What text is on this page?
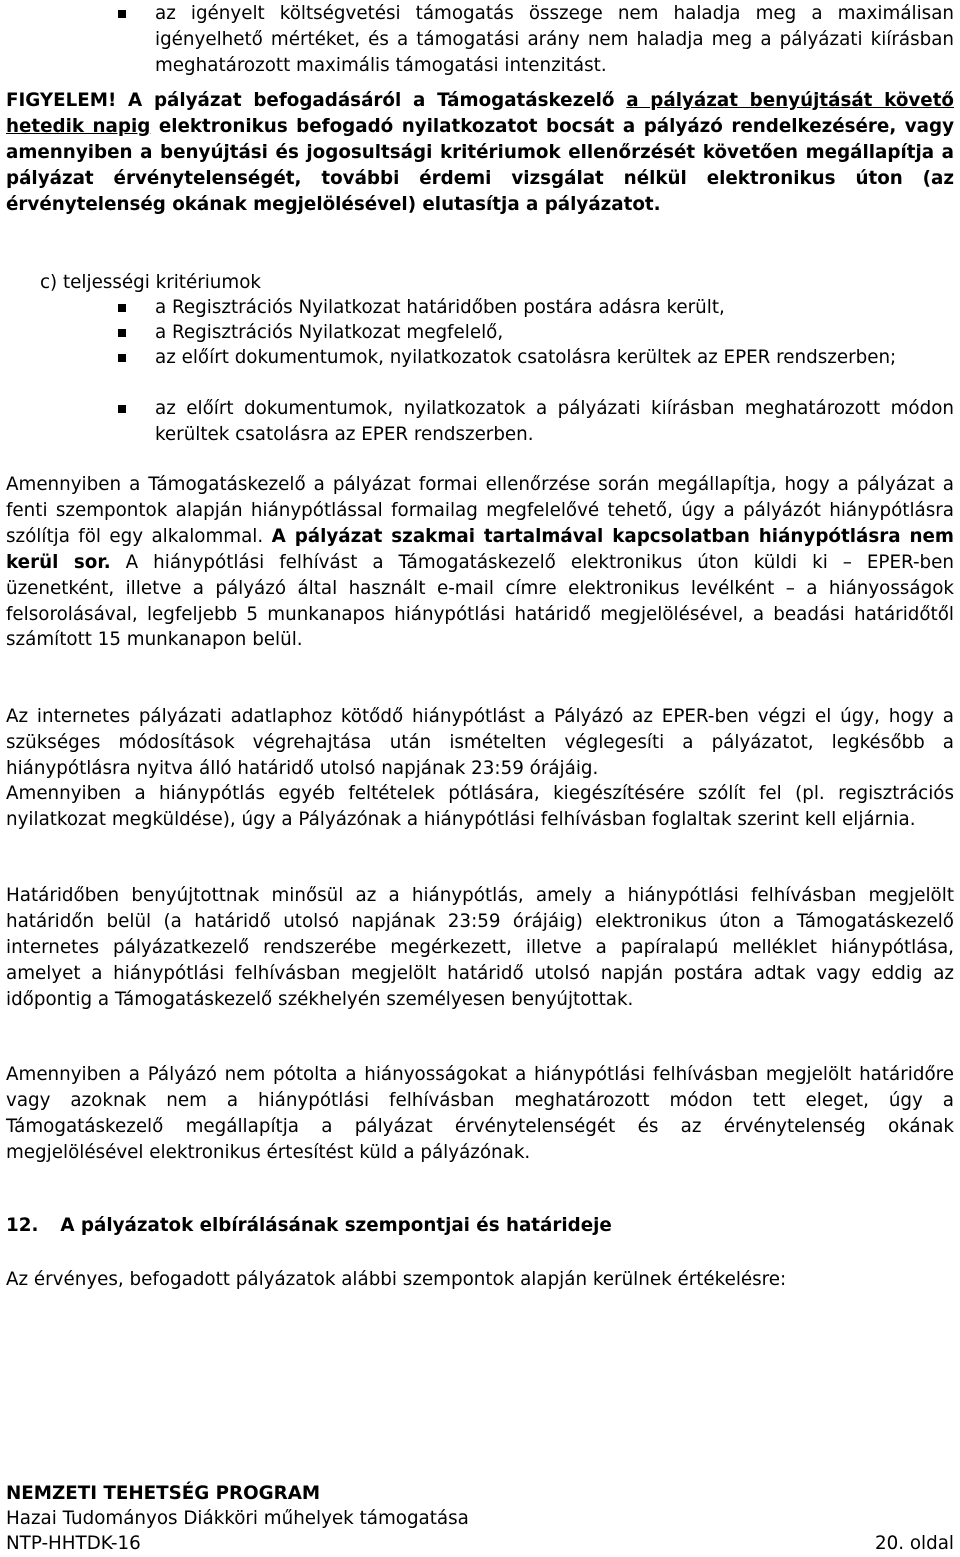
az igényelt költségvetési támogatás összege nem haladja meg a maximálisan igényelhető mértéket, és a támogatási arány nem haladja meg a pályázati kiírásban meghatározott maximális támogatási intenzitást.
FIGYELEM! A pályázat befogadásáról a Támogatáskezelő a pályázat benyújtását követő hetedik napig elektronikus befogadó nyilatkozatot bocsát a pályázó rendelkezésére, vagy amennyiben a benyújtási és jogosultsági kritériumok ellenőrzését követően megállapítja a pályázat érvénytelenségét, további érdemi vizsgálat nélkül elektronikus úton (az érvénytelenség okának megjelölésével) elutasítja a pályázatot.
c) teljességi kritériumok
a Regisztrációs Nyilatkozat határidőben postára adásra került,
a Regisztrációs Nyilatkozat megfelelő,
az előírt dokumentumok, nyilatkozatok csatolásra kerültek az EPER rendszerben;
az előírt dokumentumok, nyilatkozatok a pályázati kiírásban meghatározott módon kerültek csatolásra az EPER rendszerben.
Amennyiben a Támogatáskezelő a pályázat formai ellenőrzése során megállapítja, hogy a pályázat a fenti szempontok alapján hiánypótlással formailag megfelelővé tehető, úgy a pályázót hiánypótlásra szólítja föl egy alkalommal. A pályázat szakmai tartalmával kapcsolatban hiánypótlásra nem kerül sor. A hiánypótlási felhívást a Támogatáskezelő elektronikus úton küldi ki – EPER-ben üzenetként, illetve a pályázó által használt e-mail címre elektronikus levélként – a hiányosságok felsorolásával, legfeljebb 5 munkanapos hiánypótlási határidő megjelölésével, a beadási határidőtől számított 15 munkanapon belül.
Az internetes pályázati adatlaphoz kötődő hiánypótlást a Pályázó az EPER-ben végzi el úgy, hogy a szükséges módosítások végrehajtása után ismételten véglegesíti a pályázatot, legkésőbb a hiánypótlásra nyitva álló határidő utolsó napjának 23:59 órájáig.
Amennyiben a hiánypótlás egyéb feltételek pótlására, kiegészítésére szólít fel (pl. regisztrációs nyilatkozat megküldése), úgy a Pályázónak a hiánypótlási felhívásban foglaltak szerint kell eljárnia.
Határidőben benyújtottnak minősül az a hiánypótlás, amely a hiánypótlási felhívásban megjelölt határidőn belül (a határidő utolsó napjának 23:59 órájáig) elektronikus úton a Támogatáskezelő internetes pályázatkezelő rendszerébe megérkezett, illetve a papíralapú melléklet hiánypótlása, amelyet a hiánypótlási felhívásban megjelölt határidő utolsó napján postára adtak vagy eddig az időpontig a Támogatáskezelő székhelyén személyesen benyújtottak.
Amennyiben a Pályázó nem pótolta a hiányosságokat a hiánypótlási felhívásban megjelölt határidőre vagy azoknak nem a hiánypótlási felhívásban meghatározott módon tett eleget, úgy a Támogatáskezelő megállapítja a pályázat érvénytelenségét és az érvénytelenség okának megjelölésével elektronikus értesítést küld a pályázónak.
12. A pályázatok elbírálásának szempontjai és határideje
Az érvényes, befogadott pályázatok alábbi szempontok alapján kerülnek értékelésre:
NEMZETI TEHETSÉG PROGRAM
Hazai Tudományos Diákköri műhelyek támogatása
NTP-HHTDK-16	20. oldal
